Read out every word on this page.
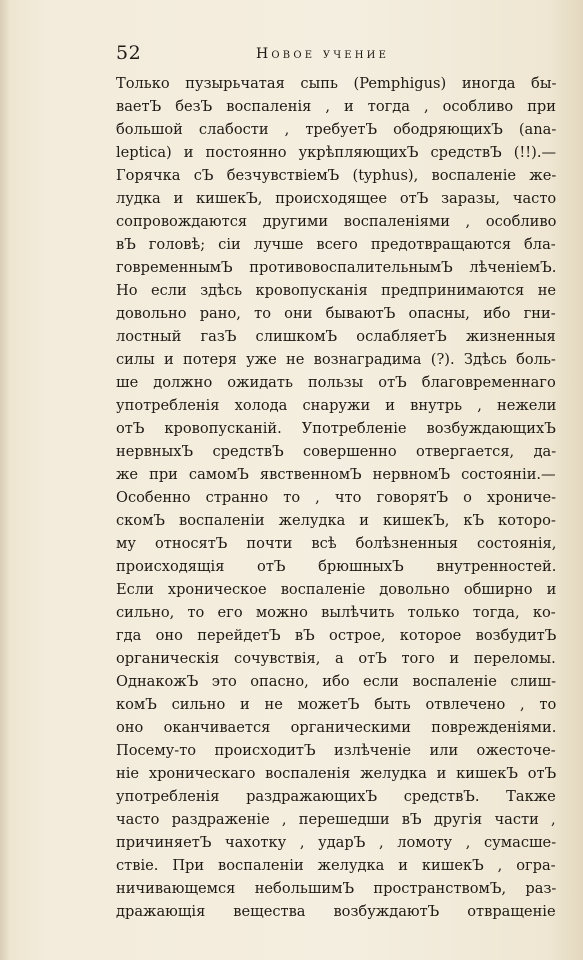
52	Новое учение
Только пузырьчатая сыпь (Pemphigus) иногда бы-
ваетЪ безЪ воспаленія , и тогда , особливо при
большой слабости , требуетЪ ободряющихЪ (ana-
leptica) и постоянно укрѣпляющихЪ средствЪ (!!).—
Горячка сЪ безчувствіемЪ (typhus), воспаленіе же-
лудка и кишекЪ, происходящее отЪ заразы, часто
сопровождаются другими воспаленіями , особливо
вЪ головѣ; сіи лучше всего предотвращаются бла-
говременнымЪ противовоспалительнымЪ лѣченіемЪ.
Но если здѣсь кровопусканія предпринимаются не
довольно рано, то они бываютЪ опасны, ибо гни-
лостный газЪ слишкомЪ ослабляетЪ жизненныя
силы и потеря уже не вознаградима (?). Здѣсь боль-
ше должно ожидать пользы отЪ благовременнаго
употребленія холода снаружи и внутрь , нежели
отЪ кровопусканій. Употребленіе возбуждающихЪ
нервныхЪ средствЪ совершенно отвергается, да-
же при самомЪ явственномЪ нервномЪ состояніи.—
Особенно странно то , что говорятЪ о хрониче-
скомЪ воспаленіи желудка и кишекЪ, кЪ которо-
му относятЪ почти всѣ болѣзненныя состоянія,
происходящія отЪ брюшныхЪ внутренностей.
Если хроническое воспаленіе довольно обширно и
сильно, то его можно вылѣчить только тогда, ко-
гда оно перейдетЪ вЪ острое, которое возбудитЪ
органическія сочувствія, а отЪ того и переломы.
ОднакожЪ это опасно, ибо если воспаленіе слиш-
комЪ сильно и не можетЪ быть отвлечено , то
оно оканчивается органическими поврежденіями.
Посему-то происходитЪ излѣченіе или ожесточе-
ніе хроническаго воспаленія желудка и кишекЪ отЪ
употребленія раздражающихЪ средствЪ. Также
часто раздраженіе , перешедши вЪ другія части ,
причиняетЪ чахотку , ударЪ , ломоту , сумасше-
ствіе. При воспаленіи желудка и кишекЪ , огра-
ничивающемся небольшимЪ пространствомЪ, раз-
дражающія вещества возбуждаютЪ отвращеніе
